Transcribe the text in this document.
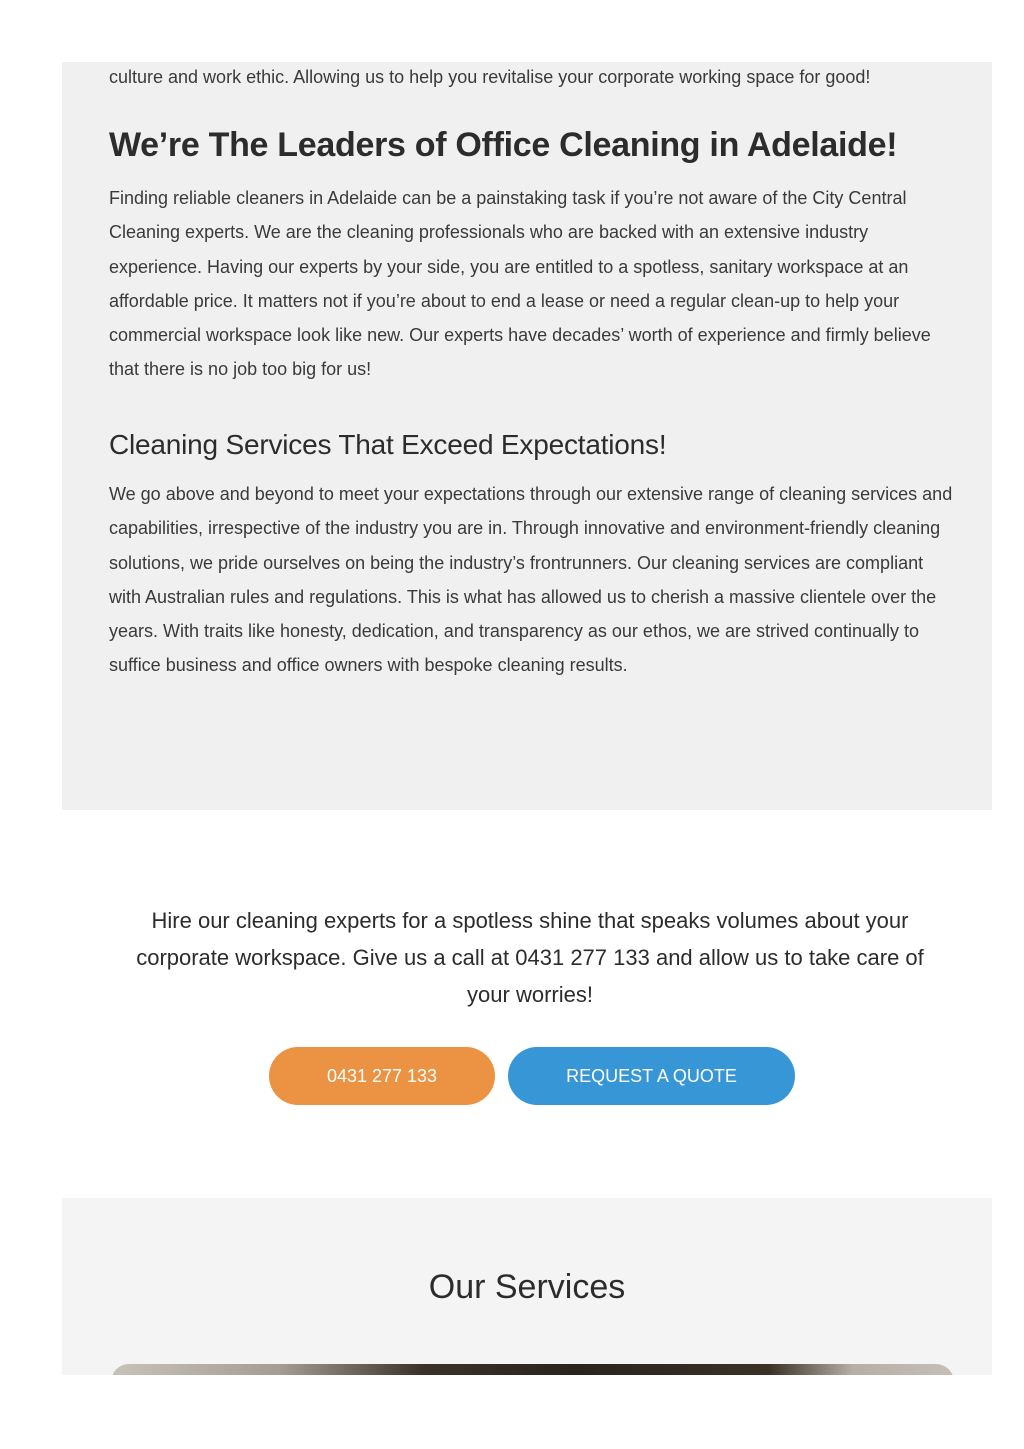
culture and work ethic. Allowing us to help you revitalise your corporate working space for good!

We’re The Leaders of Office Cleaning in Adelaide!

Finding reliable cleaners in Adelaide can be a painstaking task if you’re not aware of the City Central Cleaning experts. We are the cleaning professionals who are backed with an extensive industry experience. Having our experts by your side, you are entitled to a spotless, sanitary workspace at an affordable price. It matters not if you’re about to end a lease or need a regular clean-up to help your commercial workspace look like new. Our experts have decades’ worth of experience and firmly believe that there is no job too big for us!

Cleaning Services That Exceed Expectations!

We go above and beyond to meet your expectations through our extensive range of cleaning services and capabilities, irrespective of the industry you are in. Through innovative and environment-friendly cleaning solutions, we pride ourselves on being the industry’s frontrunners. Our cleaning services are compliant with Australian rules and regulations. This is what has allowed us to cherish a massive clientele over the years. With traits like honesty, dedication, and transparency as our ethos, we are strived continually to suffice business and office owners with bespoke cleaning results.

Hire our cleaning experts for a spotless shine that speaks volumes about your corporate workspace. Give us a call at 0431 277 133 and allow us to take care of your worries!

0431 277 133	REQUEST A QUOTE
Our Services
